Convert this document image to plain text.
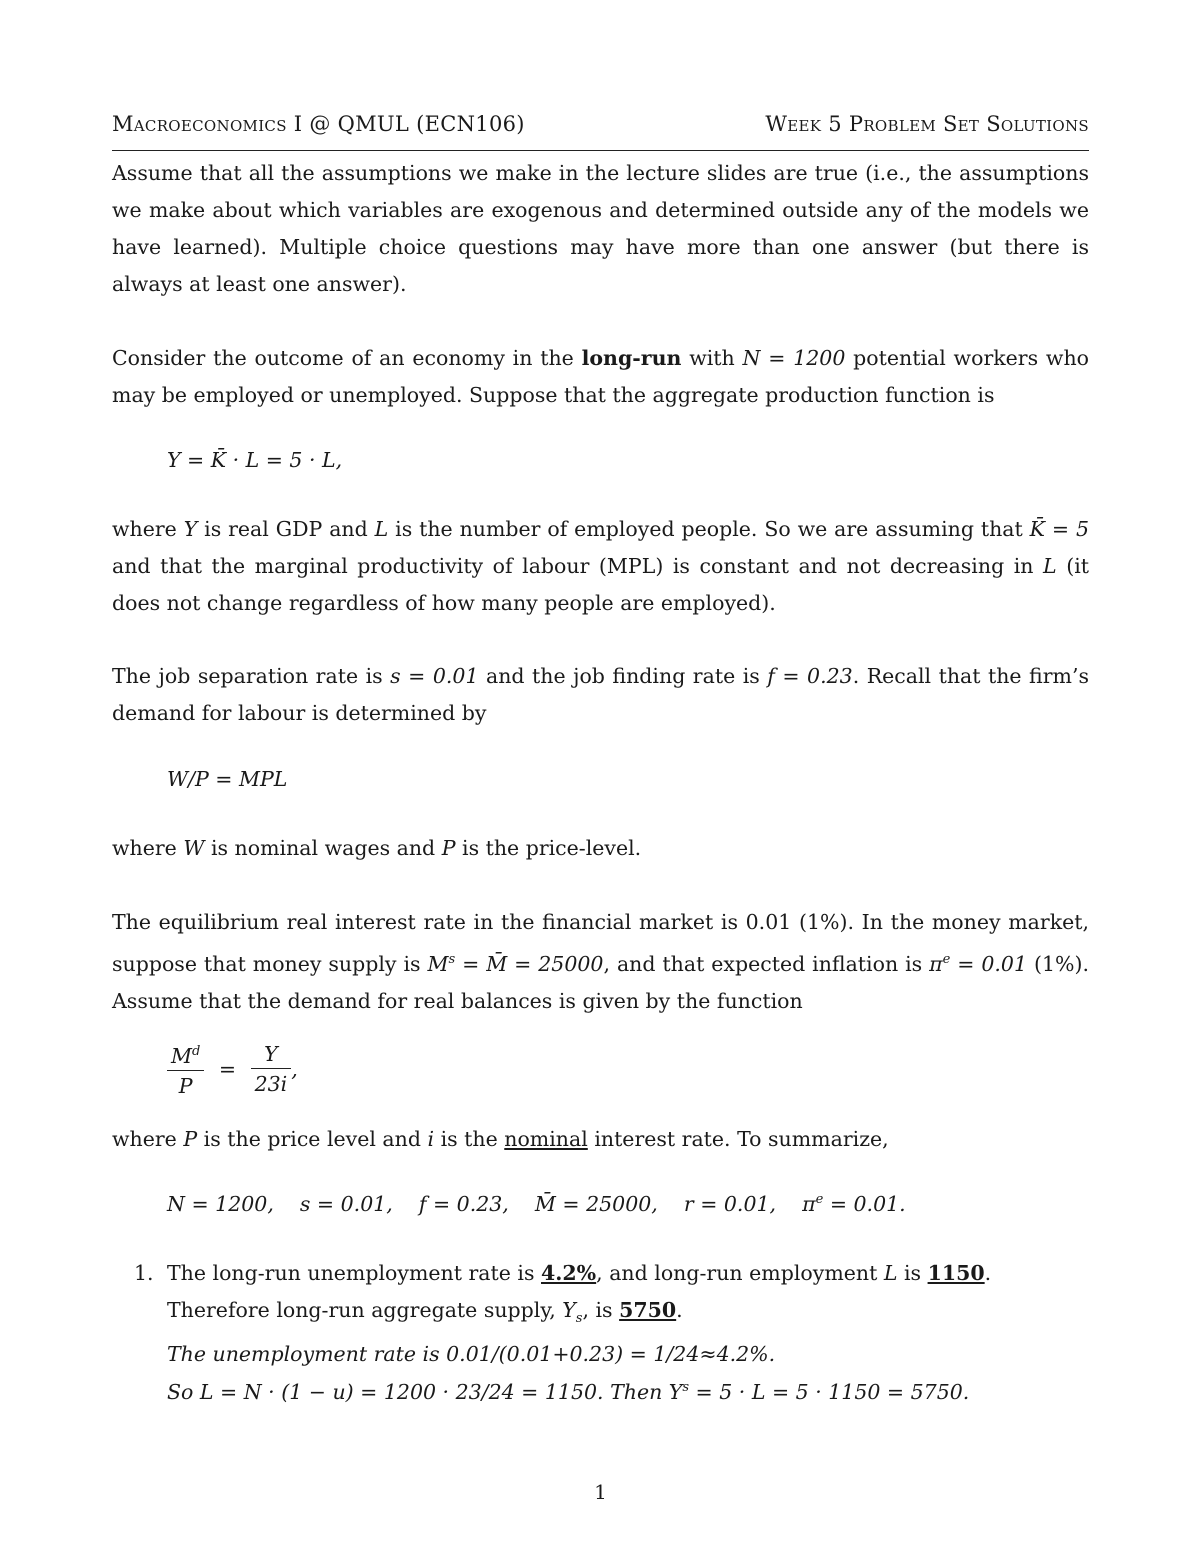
Macroeconomics I @ QMUL (ECN106)	Week 5 Problem Set Solutions

Assume that all the assumptions we make in the lecture slides are true (i.e., the assumptions we make about which variables are exogenous and determined outside any of the models we have learned). Multiple choice questions may have more than one answer (but there is always at least one answer).

Consider the outcome of an economy in the long-run with N = 1200 potential workers who may be employed or unemployed. Suppose that the aggregate production function is

Y = K̄ · L = 5 · L,

where Y is real GDP and L is the number of employed people. So we are assuming that K̄ = 5 and that the marginal productivity of labour (MPL) is constant and not decreasing in L (it does not change regardless of how many people are employed).

The job separation rate is s = 0.01 and the job finding rate is f = 0.23. Recall that the firm’s demand for labour is determined by

W/P = MPL

where W is nominal wages and P is the price-level.

The equilibrium real interest rate in the financial market is 0.01 (1%). In the money market, suppose that money supply is $M^s$ = M̄ = 25000, and that expected inflation is $\pi^e = 0.01$ (1%). Assume that the demand for real balances is given by the function

$\frac{M^d}{P} = \frac{Y}{23i}$ ,

where P is the price level and i is the nominal interest rate. To summarize,

N = 1200,    s = 0.01,    f = 0.23,    M̄ = 25000,    r = 0.01,    $\pi^e = 0.01$.
1. The long-run unemployment rate is 4.2%, and long-run employment L is 1150. Therefore long-run aggregate supply, $Y_s$, is 5750.
The unemployment rate is 0.01/(0.01+0.23) = 1/24≈4.2%.
So L = N · (1 − u) = 1200 · 23/24 = 1150. Then $Y^s = 5 \cdot L = 5 \cdot 1150 = 5750$.
1
